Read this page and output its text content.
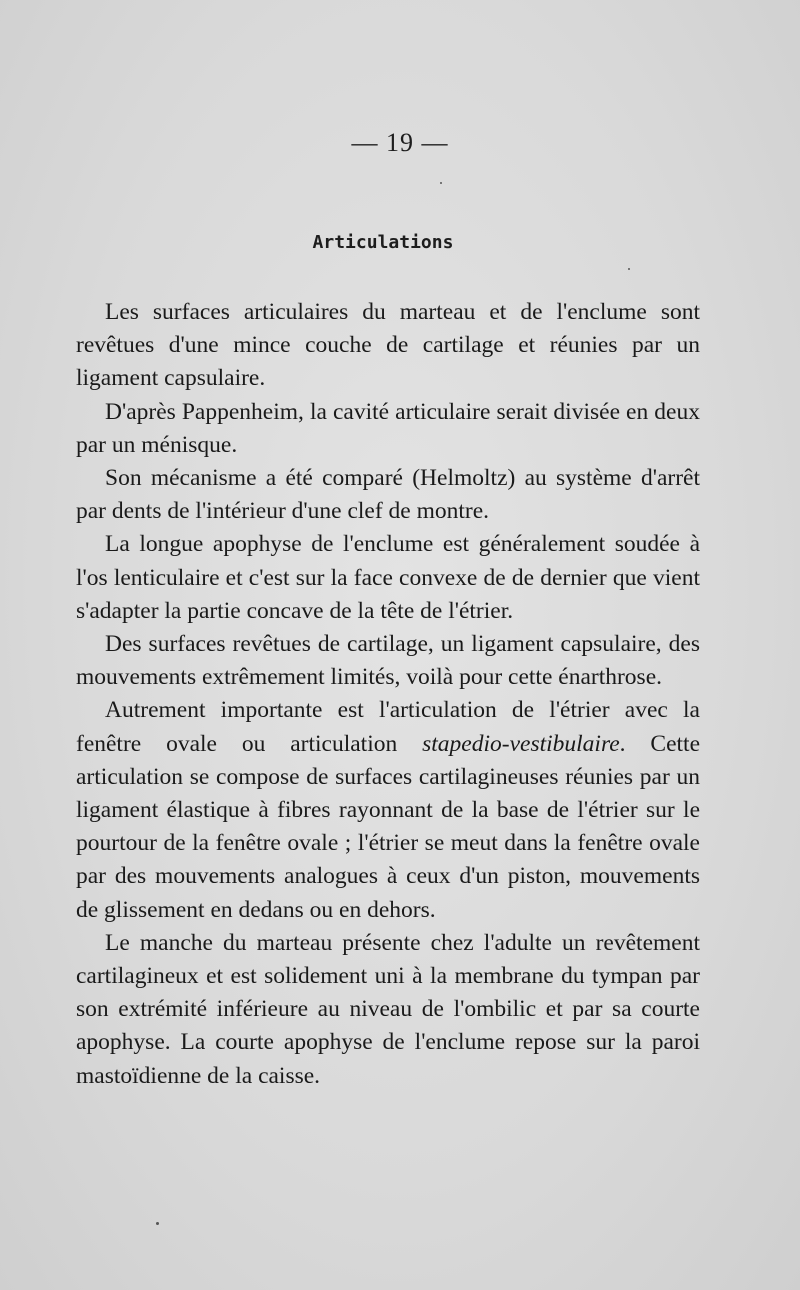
— 19 —
Articulations

Les surfaces articulaires du marteau et de l'enclume sont revêtues d'une mince couche de cartilage et réunies par un ligament capsulaire.

D'après Pappenheim, la cavité articulaire serait divisée en deux par un ménisque.

Son mécanisme a été comparé (Helmoltz) au système d'arrêt par dents de l'intérieur d'une clef de montre.

La longue apophyse de l'enclume est généralement soudée à l'os lenticulaire et c'est sur la face convexe de de dernier que vient s'adapter la partie concave de la tête de l'étrier.

Des surfaces revêtues de cartilage, un ligament capsulaire, des mouvements extrêmement limités, voilà pour cette énarthrose.

Autrement importante est l'articulation de l'étrier avec la fenêtre ovale ou articulation stapedio-vestibulaire. Cette articulation se compose de surfaces cartilagineuses réunies par un ligament élastique à fibres rayonnant de la base de l'étrier sur le pourtour de la fenêtre ovale ; l'étrier se meut dans la fenêtre ovale par des mouvements analogues à ceux d'un piston, mouvements de glissement en dedans ou en dehors.

Le manche du marteau présente chez l'adulte un revêtement cartilagineux et est solidement uni à la membrane du tympan par son extrémité inférieure au niveau de l'ombilic et par sa courte apophyse. La courte apophyse de l'enclume repose sur la paroi mastoïdienne de la caisse.
